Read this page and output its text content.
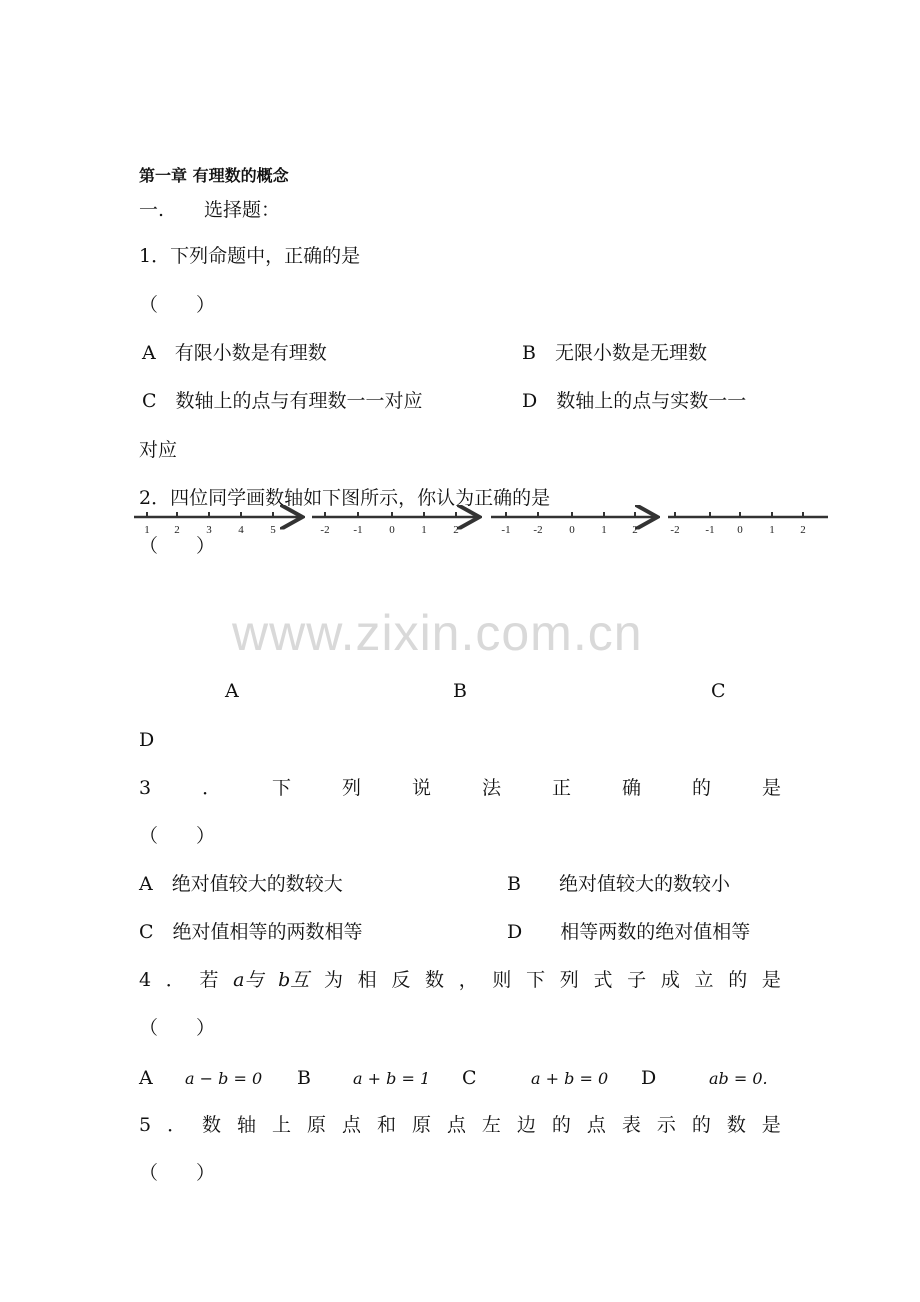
第一章 有理数的概念
一. 选择题：
1．下列命题中，正确的是
（　　）
A　有限小数是有理数	B　无限小数是无理数
C　数轴上的点与有理数一一对应	D　数轴上的点与实数一一
对应
2．四位同学画数轴如下图所示，你认为正确的是
1 2 3 4 5	-2 -1 0 1 2	-1 -2 0 1 2	-2 -1 0 1 2
（　　）
www.zixin.com.cn
A	B	C
D
3	．	下	列	说	法	正	确	的	是
（　　）
A　绝对值较大的数较大	B　　绝对值较大的数较小
C　绝对值相等的两数相等	D　　相等两数的绝对值相等
4 ． 若 a与 b互 为 相 反 数 ， 则 下 列 式 子 成 立 的 是
（　　）
A a − b = 0 B	a + b = 1 C	a + b = 0 D	ab = 0.
5 ． 数 轴 上 原 点 和 原 点 左 边 的 点 表 示 的 数 是
（　　）
